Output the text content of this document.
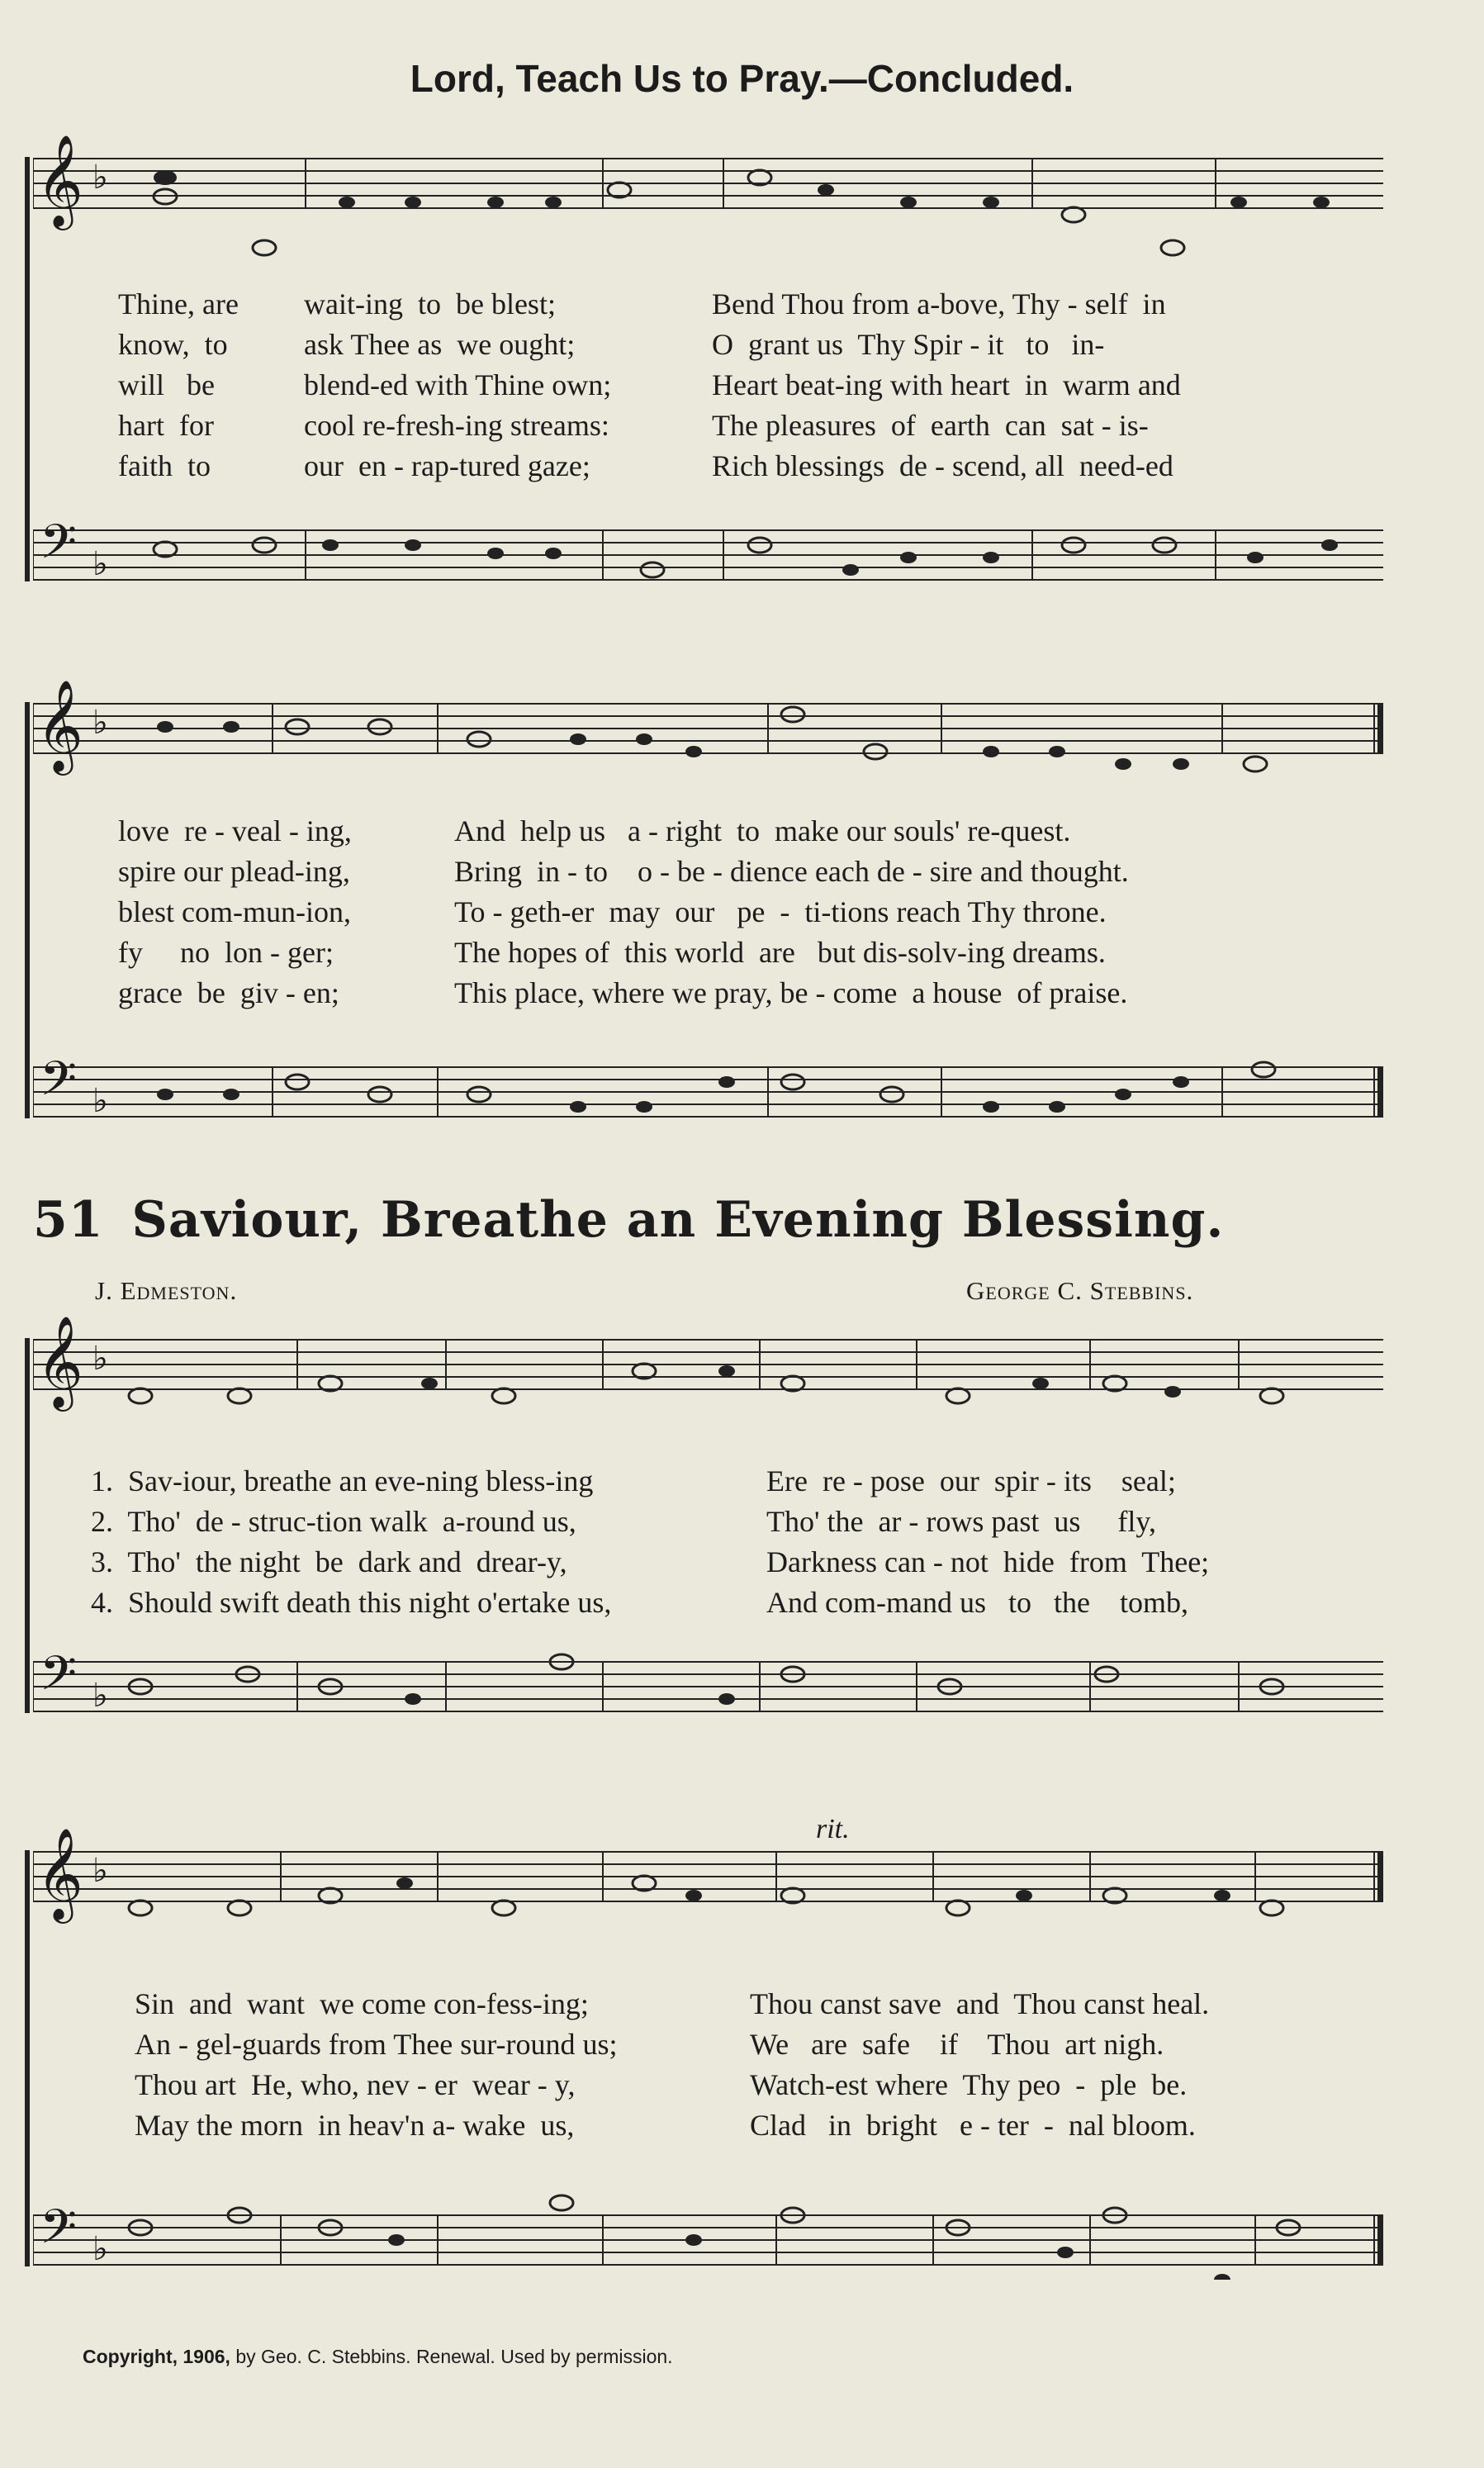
Lord, Teach Us to Pray.—Concluded.
𝄞 ♭
𝄢 ♭
Thine, are wait-ing  to  be blest;	Bend Thou from a-bove, Thy - self  in
know,  to	ask Thee as  we ought;	O  grant us  Thy Spir - it   to   in-
will   be	blend-ed with Thine own;	Heart beat-ing with heart  in  warm and
hart  for	cool re-fresh-ing streams:	The pleasures  of  earth  can  sat - is-
faith  to	our  en - rap-tured gaze;	Rich blessings  de - scend, all  need-ed
𝄞 ♭
𝄢 ♭
love  re - veal - ing,	And  help us   a - right  to  make our souls' re-quest.
spire our plead-ing,	Bring  in - to    o - be - dience each de - sire and thought.
blest com-mun-ion,	To - geth-er  may  our   pe  -  ti-tions reach Thy throne.
fy     no  lon - ger;	The hopes of  this world  are   but dis-solv-ing dreams.
grace  be  giv - en;	This place, where we pray, be - come  a house  of praise.
51 Saviour, Breathe an Evening Blessing.
J. Edmeston.	George C. Stebbins.
𝄞 ♭
𝄢 ♭
1.  Sav-iour, breathe an eve-ning bless-ing	Ere  re - pose  our  spir - its    seal;
2.  Tho'  de - struc-tion walk  a-round us,	Tho' the  ar - rows past  us     fly,
3.  Tho'  the night  be  dark and  drear-y,	Darkness can - not  hide  from  Thee;
4.  Should swift death this night o'ertake us,	And com-mand us   to   the    tomb,
rit.
𝄞 ♭
𝄢 ♭
Sin  and  want  we come con-fess-ing;	Thou canst save  and  Thou canst heal.
An - gel-guards from Thee sur-round us;	We   are  safe    if    Thou  art nigh.
Thou art  He, who, nev - er  wear - y,	Watch-est where  Thy peo  -  ple  be.
May the morn  in heav'n a- wake  us,	Clad   in  bright   e - ter  -  nal bloom.
Copyright, 1906, by Geo. C. Stebbins. Renewal. Used by permission.
